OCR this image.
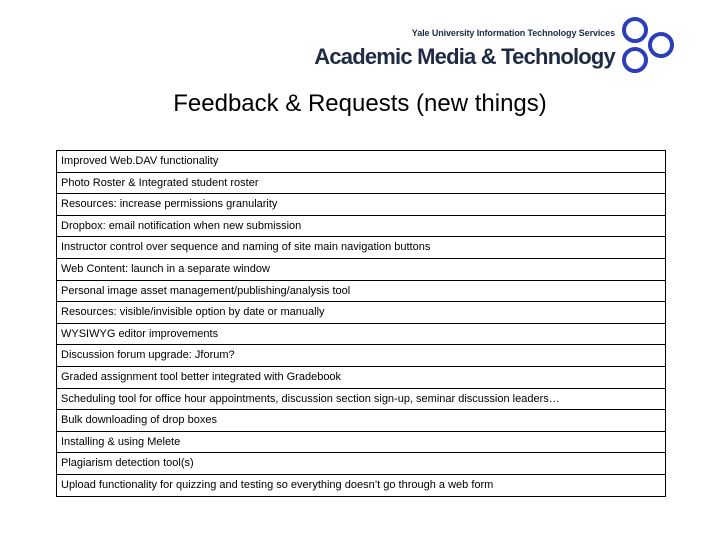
Yale University Information Technology Services
Academic Media & Technology
Feedback & Requests (new things)
Improved Web.DAV functionality
Photo Roster & Integrated student roster
Resources: increase permissions granularity
Dropbox: email notification when new submission
Instructor control over sequence and naming of site main navigation buttons
Web Content: launch in a separate window
Personal image asset management/publishing/analysis tool
Resources: visible/invisible option by date or manually
WYSIWYG editor improvements
Discussion forum upgrade: Jforum?
Graded assignment tool better integrated with Gradebook
Scheduling tool for office hour appointments, discussion section sign-up, seminar discussion leaders…
Bulk downloading of drop boxes
Installing & using Melete
Plagiarism detection tool(s)
Upload functionality for quizzing and testing so everything doesn’t go through a web form
